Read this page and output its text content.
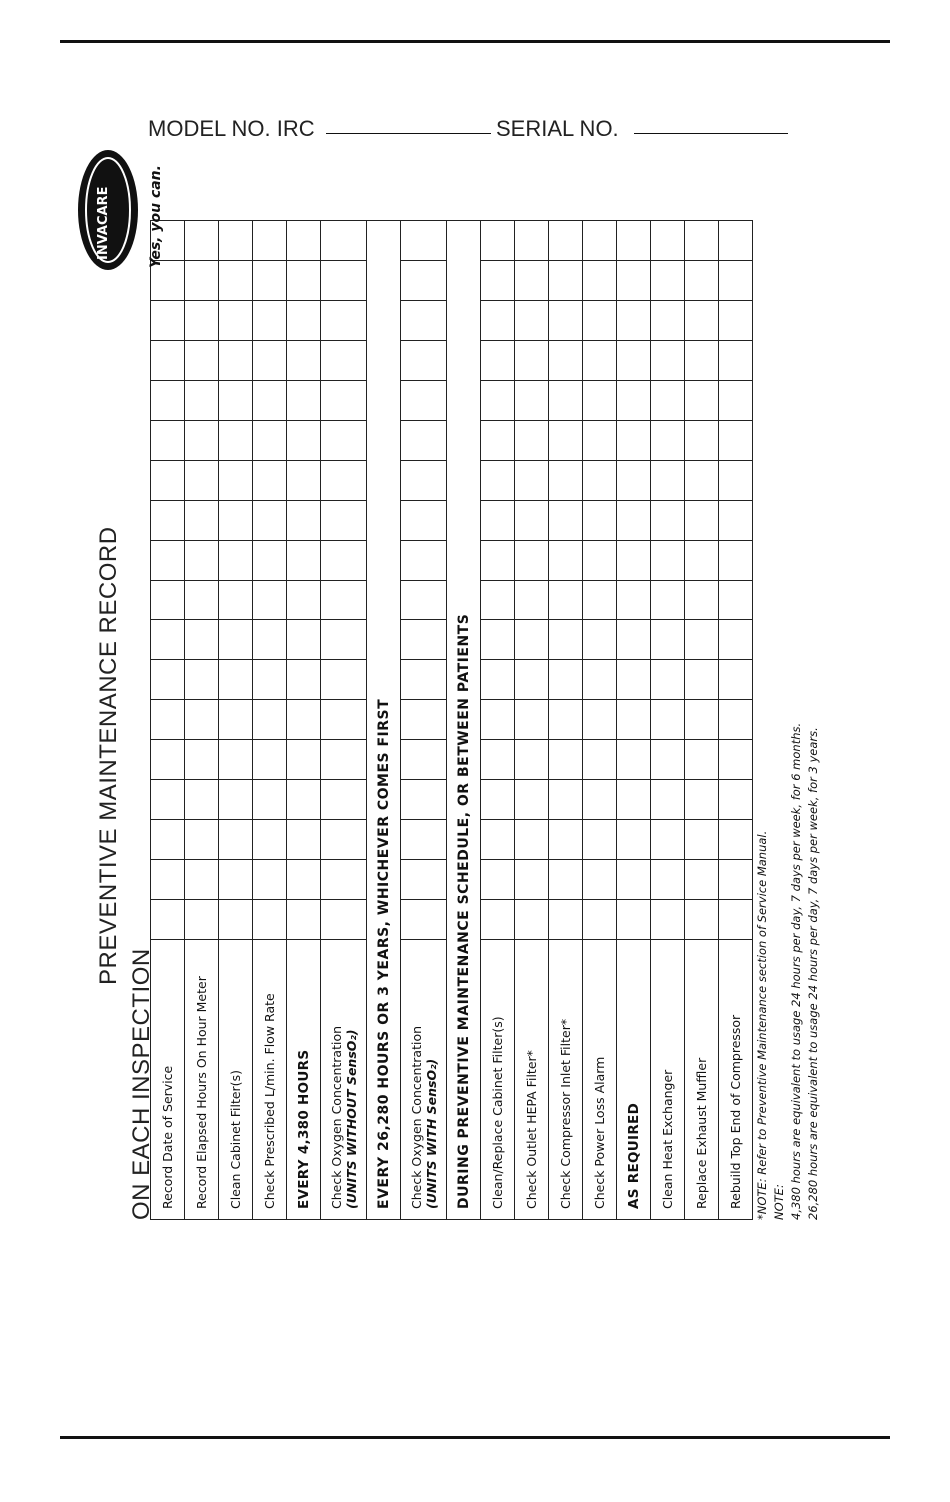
ON EACH INSPECTION
PREVENTIVE MAINTENANCE RECORD
Record Date of Service																		
Record Elapsed Hours On Hour Meter																		
Clean Cabinet Filter(s)																		
Check Prescribed L/min. Flow Rate																		
EVERY 4,380 HOURS																		
Check Oxygen Concentration (UNITS WITHOUT SensO₂)																		

EVERY 26,280 HOURS OR 3 YEARS, WHICHEVER COMES FIRST																		
Check Oxygen Concentration (UNITS WITH SensO₂)																		

DURING PREVENTIVE MAINTENANCE SCHEDULE, OR BETWEEN PATIENTS																		
Clean/Replace Cabinet Filter(s)																		
Check Outlet HEPA Filter*																		
Check Compressor Inlet Filter*																		
Check Power Loss Alarm																		
AS REQUIRED																		
Clean Heat Exchanger																		
Replace Exhaust Muffler																		
Rebuild Top End of Compressor																		*NOTE: Refer to Preventive Maintenance section of Service Manual. NOTE: 4,380 hours are equivalent to usage 24 hours per day, 7 days per week, for 6 months. 26,280 hours are equivalent to usage 24 hours per day, 7 days per week, for 3 years.
MODEL NO. IRC	SERIAL NO.
INVACARE	Yes, you can.
